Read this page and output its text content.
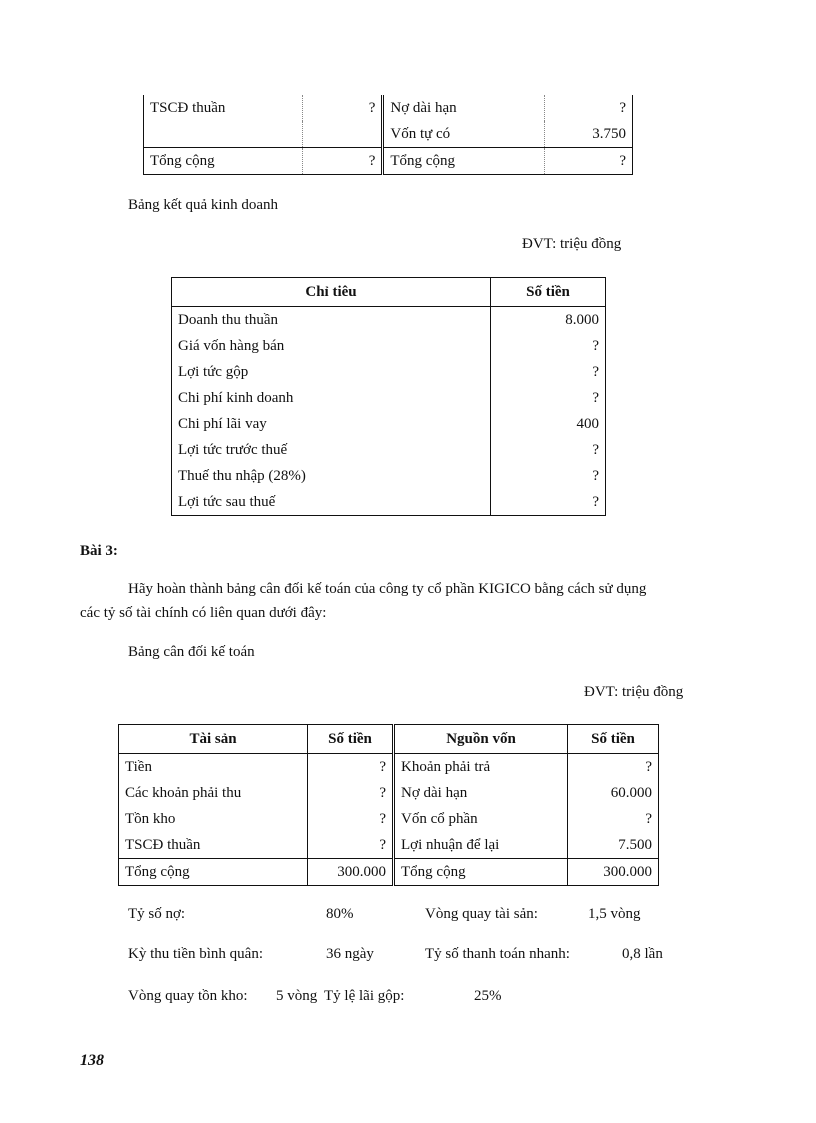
TSCĐ thuần	?	Nợ dài hạn	?
		Vốn tự có	3.750
Tổng cộng	?	Tổng cộng	?
Bảng kết quả kinh doanh
ĐVT: triệu đồng
Chỉ tiêu	Số tiền
Doanh thu thuần	8.000
Giá vốn hàng bán	?
Lợi tức gộp	?
Chi phí kinh doanh	?
Chi phí lãi vay	400
Lợi tức trước thuế	?
Thuế thu nhập (28%)	?
Lợi tức sau thuế	?
Bài 3:
Hãy hoàn thành bảng cân đối kế toán của công ty cổ phần KIGICO bằng cách sử dụng
các tỷ số tài chính có liên quan dưới đây:
Bảng cân đối kế toán
ĐVT: triệu đồng
Tài sản	Số tiền	Nguồn vốn	Số tiền
Tiền	?	Khoản phải trả	?
Các khoản phải thu	?	Nợ dài hạn	60.000
Tồn kho	?	Vốn cổ phần	?
TSCĐ thuần	?	Lợi nhuận để lại	7.500
Tổng cộng	300.000	Tổng cộng	300.000
Tỷ số nợ:	80%	Vòng quay tài sản:	1,5 vòng
Kỳ thu tiền bình quân:	36 ngày	Tỷ số thanh toán nhanh:	0,8 lần
Vòng quay tồn kho: 5 vòng Tỷ lệ lãi gộp:	25%
138
